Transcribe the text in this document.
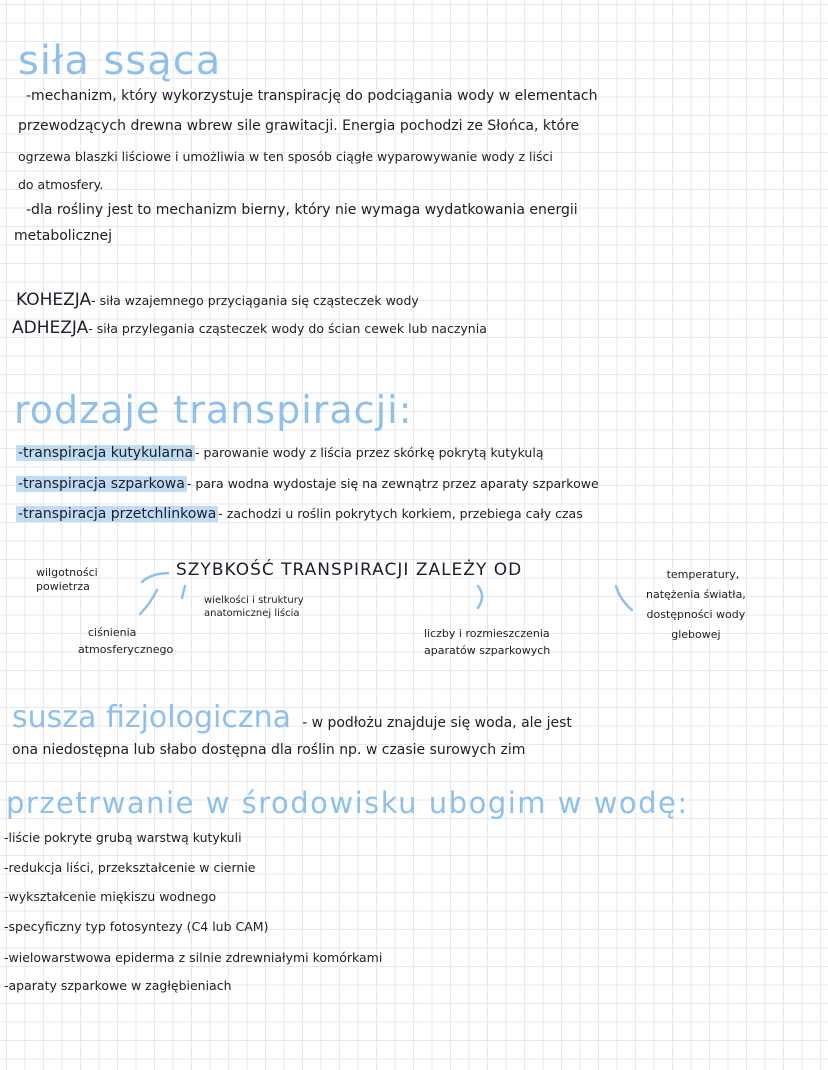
siła ssąca
-mechanizm, który wykorzystuje transpirację do podciągania wody w elementach
przewodzących drewna wbrew sile grawitacji. Energia pochodzi ze Słońca, które
ogrzewa blaszki liściowe i umożliwia w ten sposób ciągłe wyparowywanie wody z liści
do atmosfery.
-dla rośliny jest to mechanizm bierny, który nie wymaga wydatkowania energii
metabolicznej
KOHEZJA- siła wzajemnego przyciągania się cząsteczek wody
ADHEZJA- siła przylegania cząsteczek wody do ścian cewek lub naczynia
rodzaje transpiracji:
-transpiracja kutykularna - parowanie wody z liścia przez skórkę pokrytą kutykulą
-transpiracja szparkowa - para wodna wydostaje się na zewnątrz przez aparaty szparkowe
-transpiracja przetchlinkowa - zachodzi u roślin pokrytych korkiem, przebiega cały czas
SZYBKOŚĆ TRANSPIRACJI ZALEŻY OD
wilgotności
powietrza
ciśnienia
atmosferycznego
wielkości i struktury
anatomicznej liścia
liczby i rozmieszczenia
aparatów szparkowych
temperatury,
natężenia światła,
dostępności wody
glebowej
susza fizjologiczna - w podłożu znajduje się woda, ale jest
ona niedostępna lub słabo dostępna dla roślin np. w czasie surowych zim
przetrwanie w środowisku ubogim w wodę:
-liście pokryte grubą warstwą kutykuli
-redukcja liści, przekształcenie w ciernie
-wykształcenie miękiszu wodnego
-specyficzny typ fotosyntezy (C4 lub CAM)
-wielowarstwowa epiderma z silnie zdrewniałymi komórkami
-aparaty szparkowe w zagłębieniach
